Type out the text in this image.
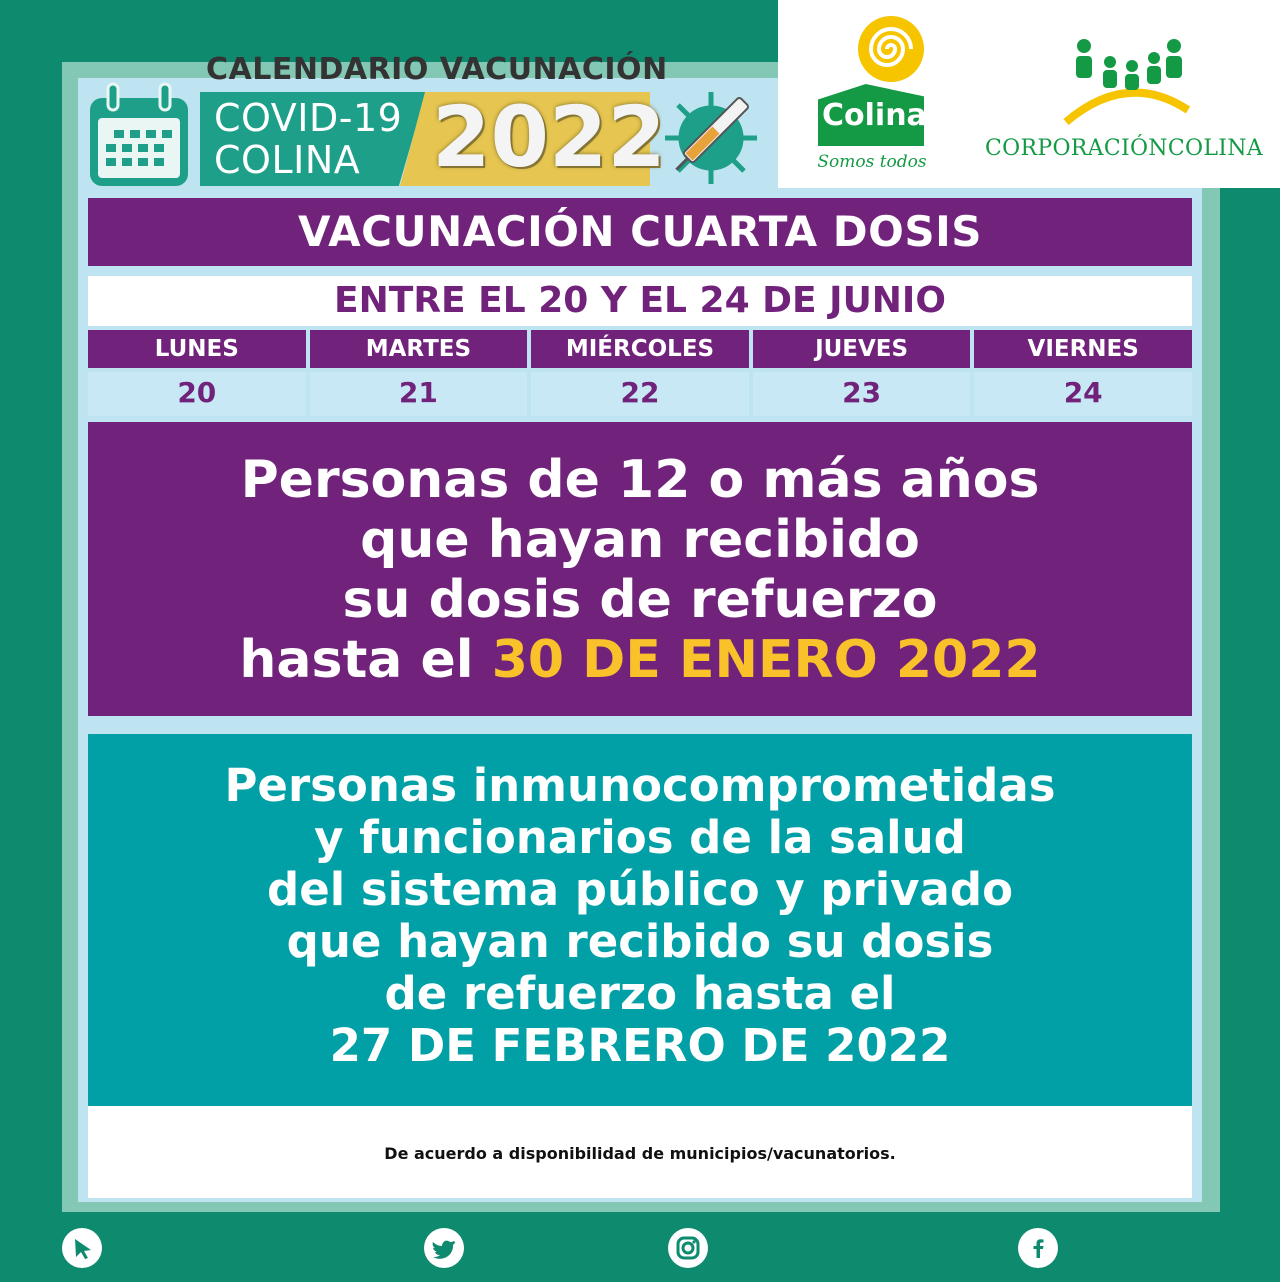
CALENDARIO VACUNACIÓN
COVID-19
COLINA 2022	Colina
Somos todos
CORPORACIÓNCOLINA
VACUNACIÓN CUARTA DOSIS
ENTRE EL 20 Y EL 24 DE JUNIO
LUNES
20
MARTES
21
MIÉRCOLES
22
JUEVES
23
VIERNES
24
Personas de 12 o más años
que hayan recibido
su dosis de refuerzo
hasta el 30 DE ENERO 2022
Personas inmunocomprometidas
y funcionarios de la salud
del sistema público y privado
que hayan recibido su dosis
de refuerzo hasta el
27 DE FEBRERO DE 2022
De acuerdo a disponibilidad de municipios/vacunatorios.
